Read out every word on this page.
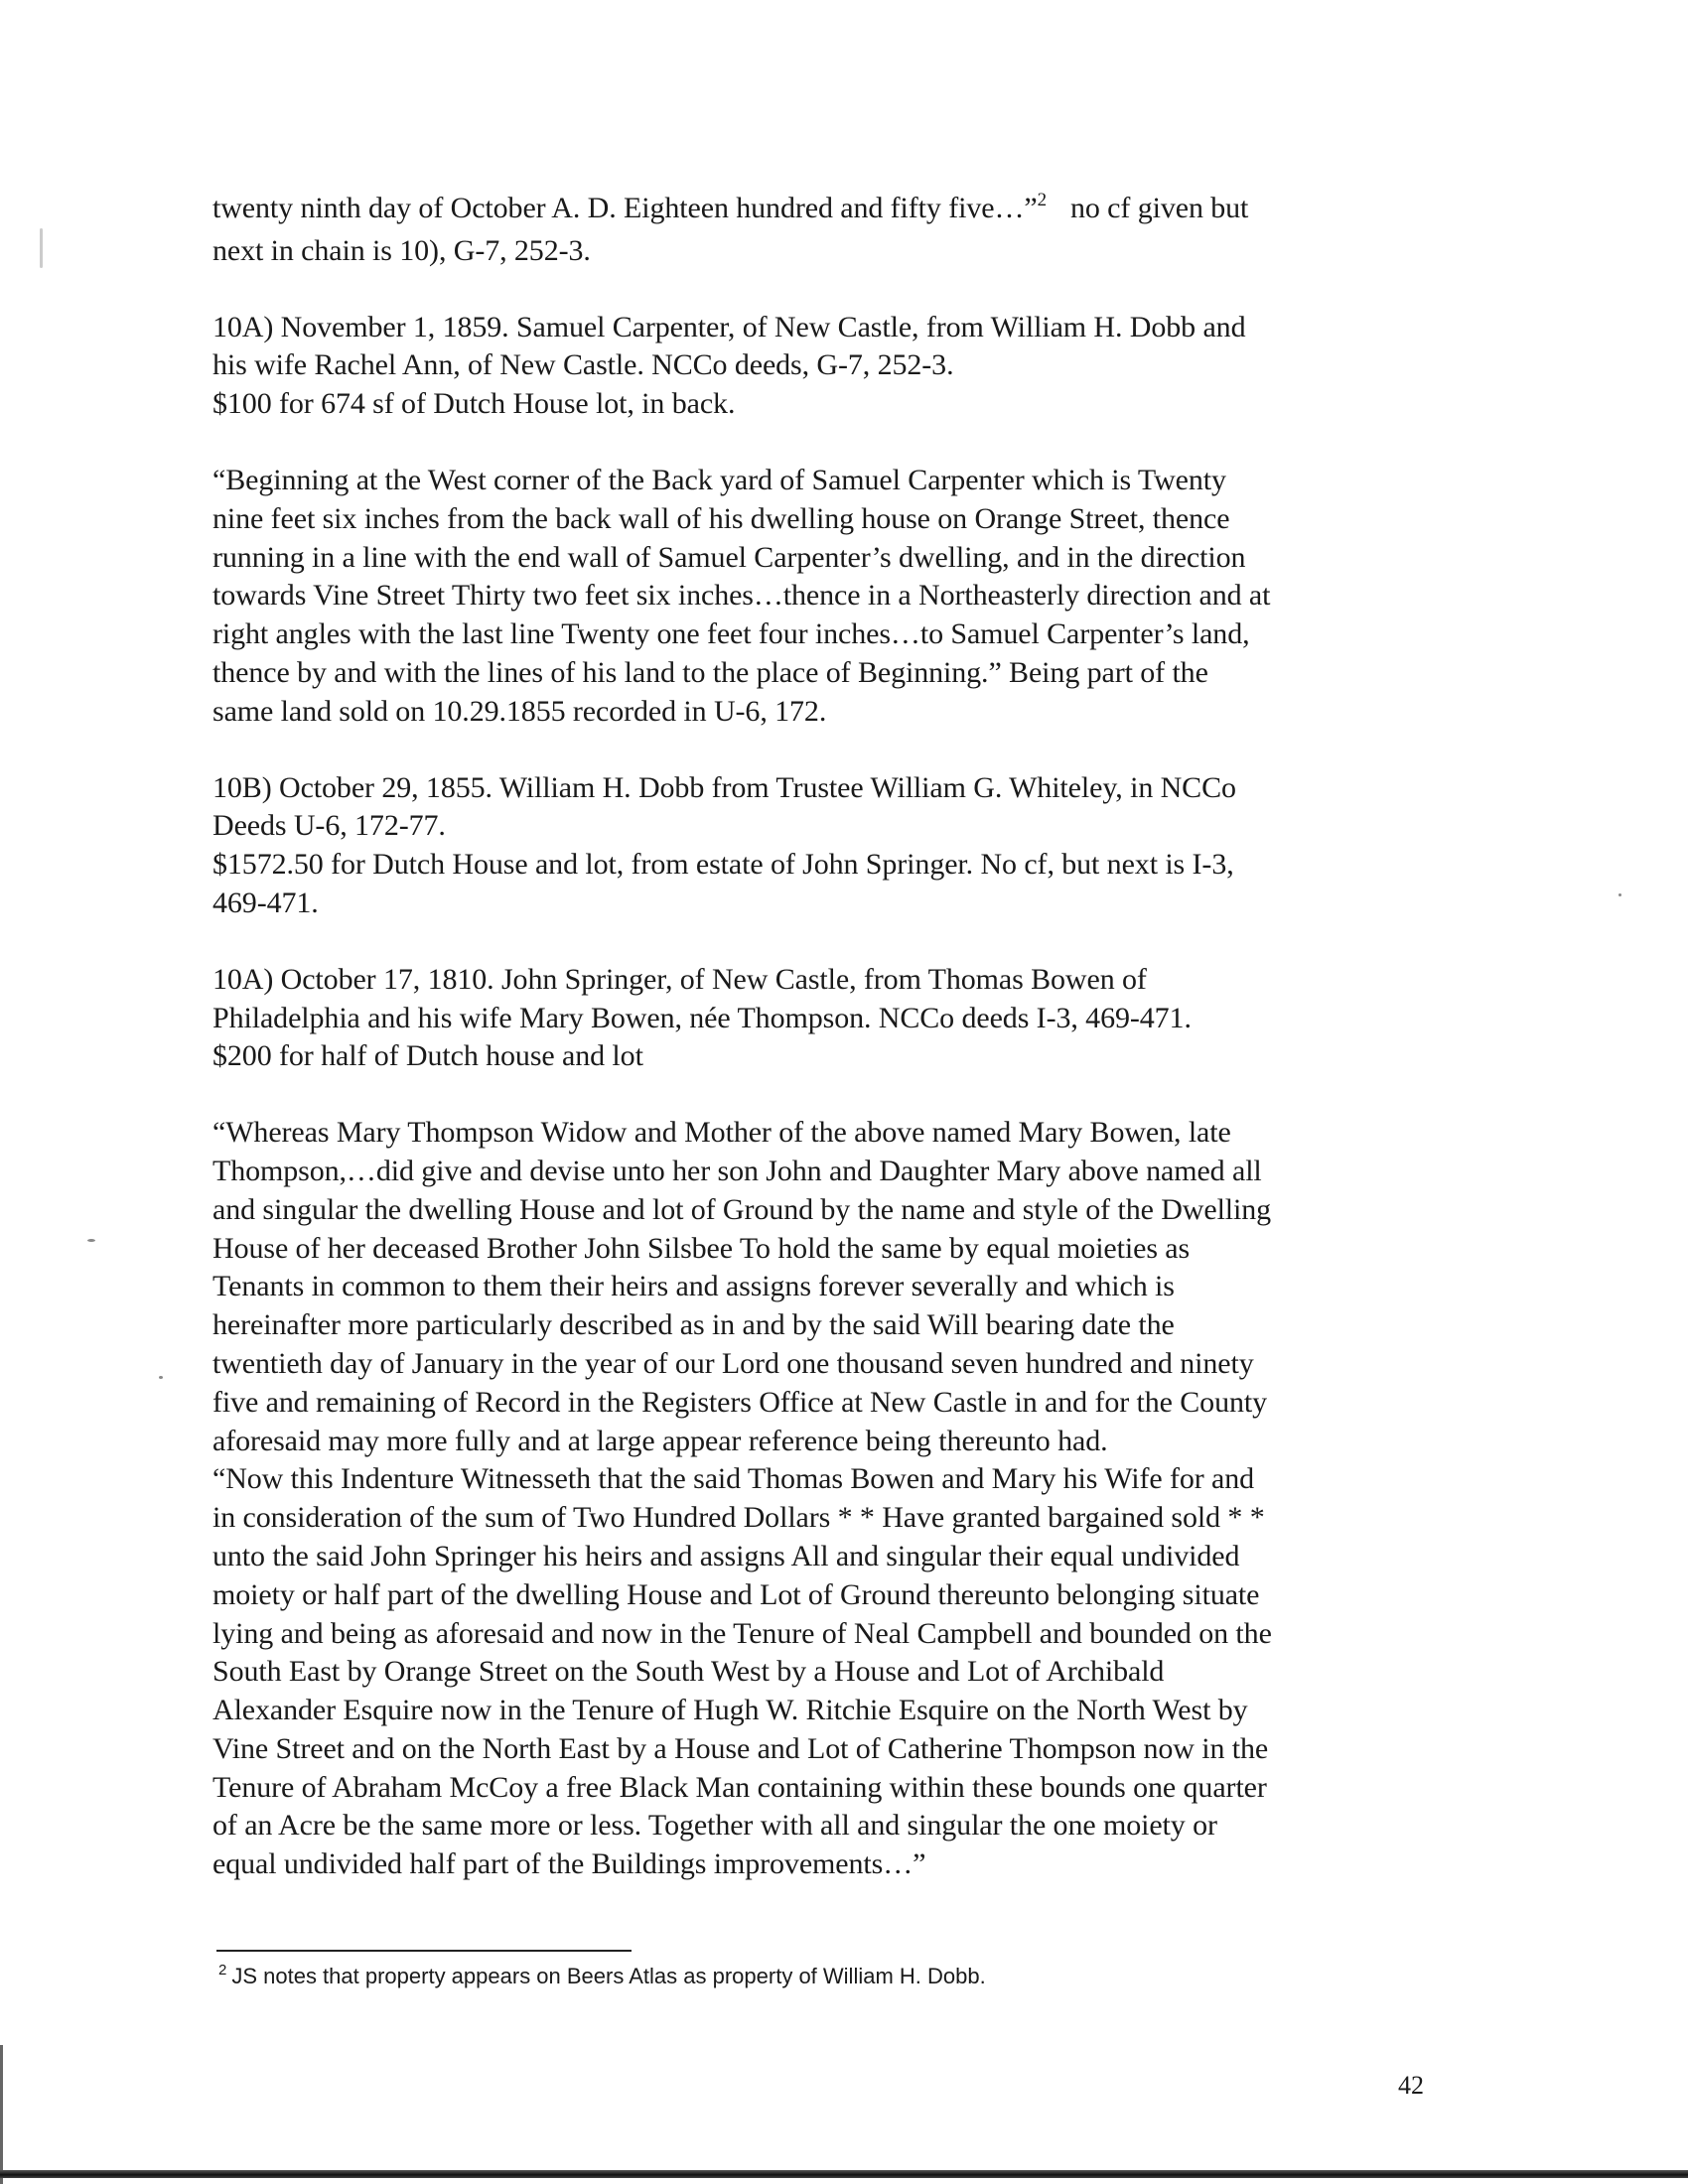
twenty ninth day of October A. D. Eighteen hundred and fifty five…”$^2$ no cf given but
next in chain is 10), G-7, 252-3.
10A) November 1, 1859. Samuel Carpenter, of New Castle, from William H. Dobb and
his wife Rachel Ann, of New Castle. NCCo deeds, G-7, 252-3.
$100 for 674 sf of Dutch House lot, in back.
“Beginning at the West corner of the Back yard of Samuel Carpenter which is Twenty
nine feet six inches from the back wall of his dwelling house on Orange Street, thence
running in a line with the end wall of Samuel Carpenter’s dwelling, and in the direction
towards Vine Street Thirty two feet six inches…thence in a Northeasterly direction and at
right angles with the last line Twenty one feet four inches…to Samuel Carpenter’s land,
thence by and with the lines of his land to the place of Beginning.” Being part of the
same land sold on 10.29.1855 recorded in U-6, 172.
10B) October 29, 1855. William H. Dobb from Trustee William G. Whiteley, in NCCo
Deeds U-6, 172-77.
$1572.50 for Dutch House and lot, from estate of John Springer. No cf, but next is I-3,
469-471.
10A) October 17, 1810. John Springer, of New Castle, from Thomas Bowen of
Philadelphia and his wife Mary Bowen, née Thompson. NCCo deeds I-3, 469-471.
$200 for half of Dutch house and lot
“Whereas Mary Thompson Widow and Mother of the above named Mary Bowen, late
Thompson,…did give and devise unto her son John and Daughter Mary above named all
and singular the dwelling House and lot of Ground by the name and style of the Dwelling
House of her deceased Brother John Silsbee To hold the same by equal moieties as
Tenants in common to them their heirs and assigns forever severally and which is
hereinafter more particularly described as in and by the said Will bearing date the
twentieth day of January in the year of our Lord one thousand seven hundred and ninety
five and remaining of Record in the Registers Office at New Castle in and for the County
aforesaid may more fully and at large appear reference being thereunto had.
“Now this Indenture Witnesseth that the said Thomas Bowen and Mary his Wife for and
in consideration of the sum of Two Hundred Dollars * * Have granted bargained sold * *
unto the said John Springer his heirs and assigns All and singular their equal undivided
moiety or half part of the dwelling House and Lot of Ground thereunto belonging situate
lying and being as aforesaid and now in the Tenure of Neal Campbell and bounded on the
South East by Orange Street on the South West by a House and Lot of Archibald
Alexander Esquire now in the Tenure of Hugh W. Ritchie Esquire on the North West by
Vine Street and on the North East by a House and Lot of Catherine Thompson now in the
Tenure of Abraham McCoy a free Black Man containing within these bounds one quarter
of an Acre be the same more or less. Together with all and singular the one moiety or
equal undivided half part of the Buildings improvements…”
$^2$ JS notes that property appears on Beers Atlas as property of William H. Dobb.
42
